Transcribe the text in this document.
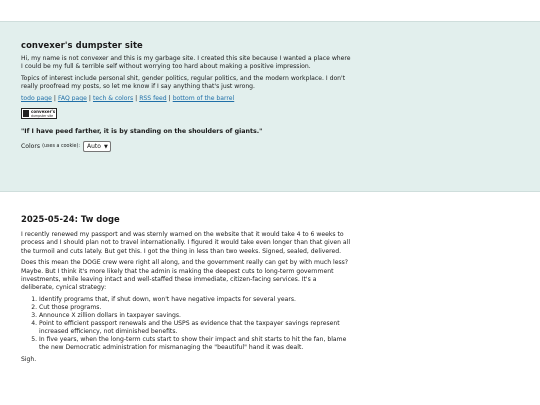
convexer's dumpster site
Hi, my name is not convexer and this is my garbage site. I created this site because I wanted a place where I could be my full & terrible self without worrying too hard about making a positive impression.
Topics of interest include personal shit, gender politics, regular politics, and the modern workplace. I don't really proofread my posts, so let me know if I say anything that's just wrong.
todo page | FAQ page | tech & colors | RSS feed | bottom of the barrel
convexer's
dumpster site
"If I have peed farther, it is by standing on the shoulders of giants."
Colors (uses a cookie): Auto ▼
2025-05-24: Tw doge
I recently renewed my passport and was sternly warned on the website that it would take 4 to 6 weeks to process and I should plan not to travel internationally. I figured it would take even longer than that given all the turmoil and cuts lately. But get this. I got the thing in less than two weeks. Signed, sealed, delivered.
Does this mean the DOGE crew were right all along, and the government really can get by with much less? Maybe. But I think it's more likely that the admin is making the deepest cuts to long-term government investments, while leaving intact and well-staffed these immediate, citizen-facing services. It's a deliberate, cynical strategy:
1. Identify programs that, if shut down, won't have negative impacts for several years.
2. Cut those programs.
3. Announce X zillion dollars in taxpayer savings.
4. Point to efficient passport renewals and the USPS as evidence that the taxpayer savings represent increased efficiency, not diminished benefits.
5. In five years, when the long-term cuts start to show their impact and shit starts to hit the fan, blame the new Democratic administration for mismanaging the "beautiful" hand it was dealt.
Sigh.
